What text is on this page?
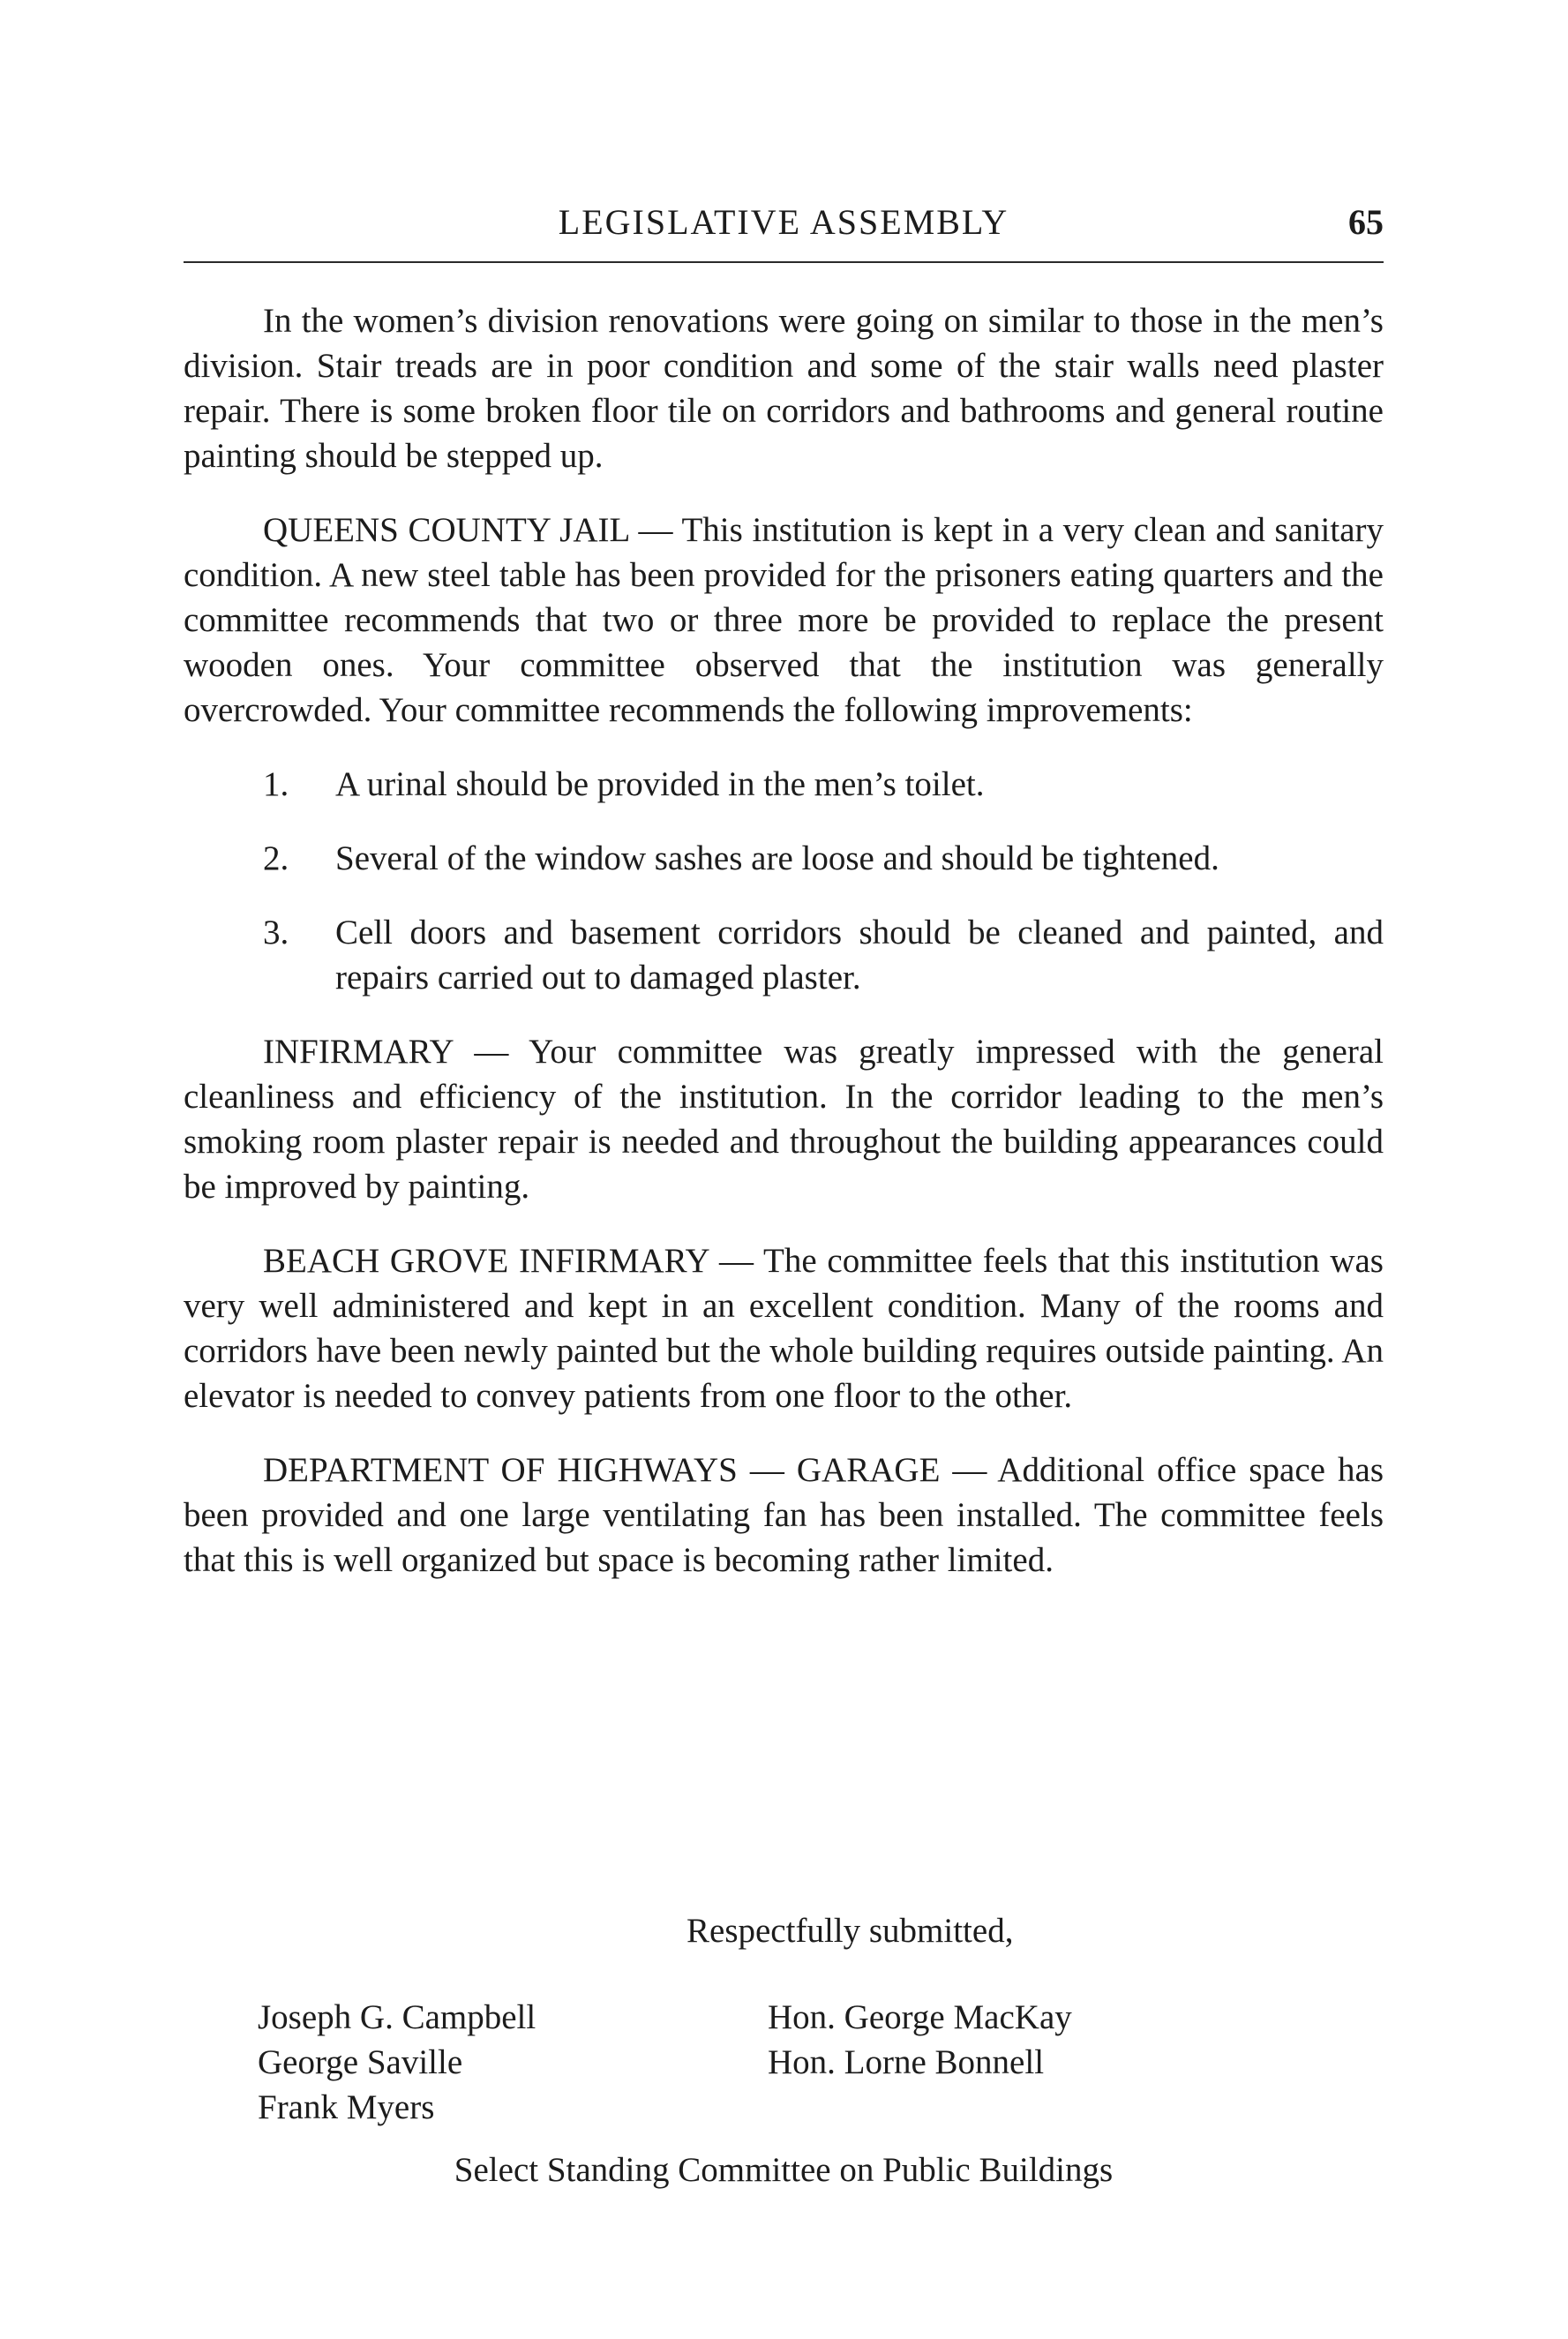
LEGISLATIVE ASSEMBLY	65

In the women’s division renovations were going on similar to those in the men’s division. Stair treads are in poor condition and some of the stair walls need plaster repair. There is some broken floor tile on corridors and bathrooms and general routine painting should be stepped up.

QUEENS COUNTY JAIL — This institution is kept in a very clean and sanitary condition. A new steel table has been provided for the prisoners eating quarters and the committee recommends that two or three more be provided to replace the present wooden ones. Your committee observed that the institution was generally overcrowded. Your committee recommends the following improvements:

1. A urinal should be provided in the men’s toilet.
2. Several of the window sashes are loose and should be tightened.
3. Cell doors and basement corridors should be cleaned and painted, and repairs carried out to damaged plaster.

INFIRMARY — Your committee was greatly impressed with the general cleanliness and efficiency of the institution. In the corridor leading to the men’s smoking room plaster repair is needed and throughout the building appearances could be improved by painting.

BEACH GROVE INFIRMARY — The committee feels that this institution was very well administered and kept in an excellent condition. Many of the rooms and corridors have been newly painted but the whole building requires outside painting. An elevator is needed to convey patients from one floor to the other.

DEPARTMENT OF HIGHWAYS — GARAGE — Additional office space has been provided and one large ventilating fan has been installed. The committee feels that this is well organized but space is becoming rather limited.

Respectfully submitted,
Joseph G. Campbell
George Saville
Frank Myers
Hon. George MacKay
Hon. Lorne Bonnell
Select Standing Committee on Public Buildings
